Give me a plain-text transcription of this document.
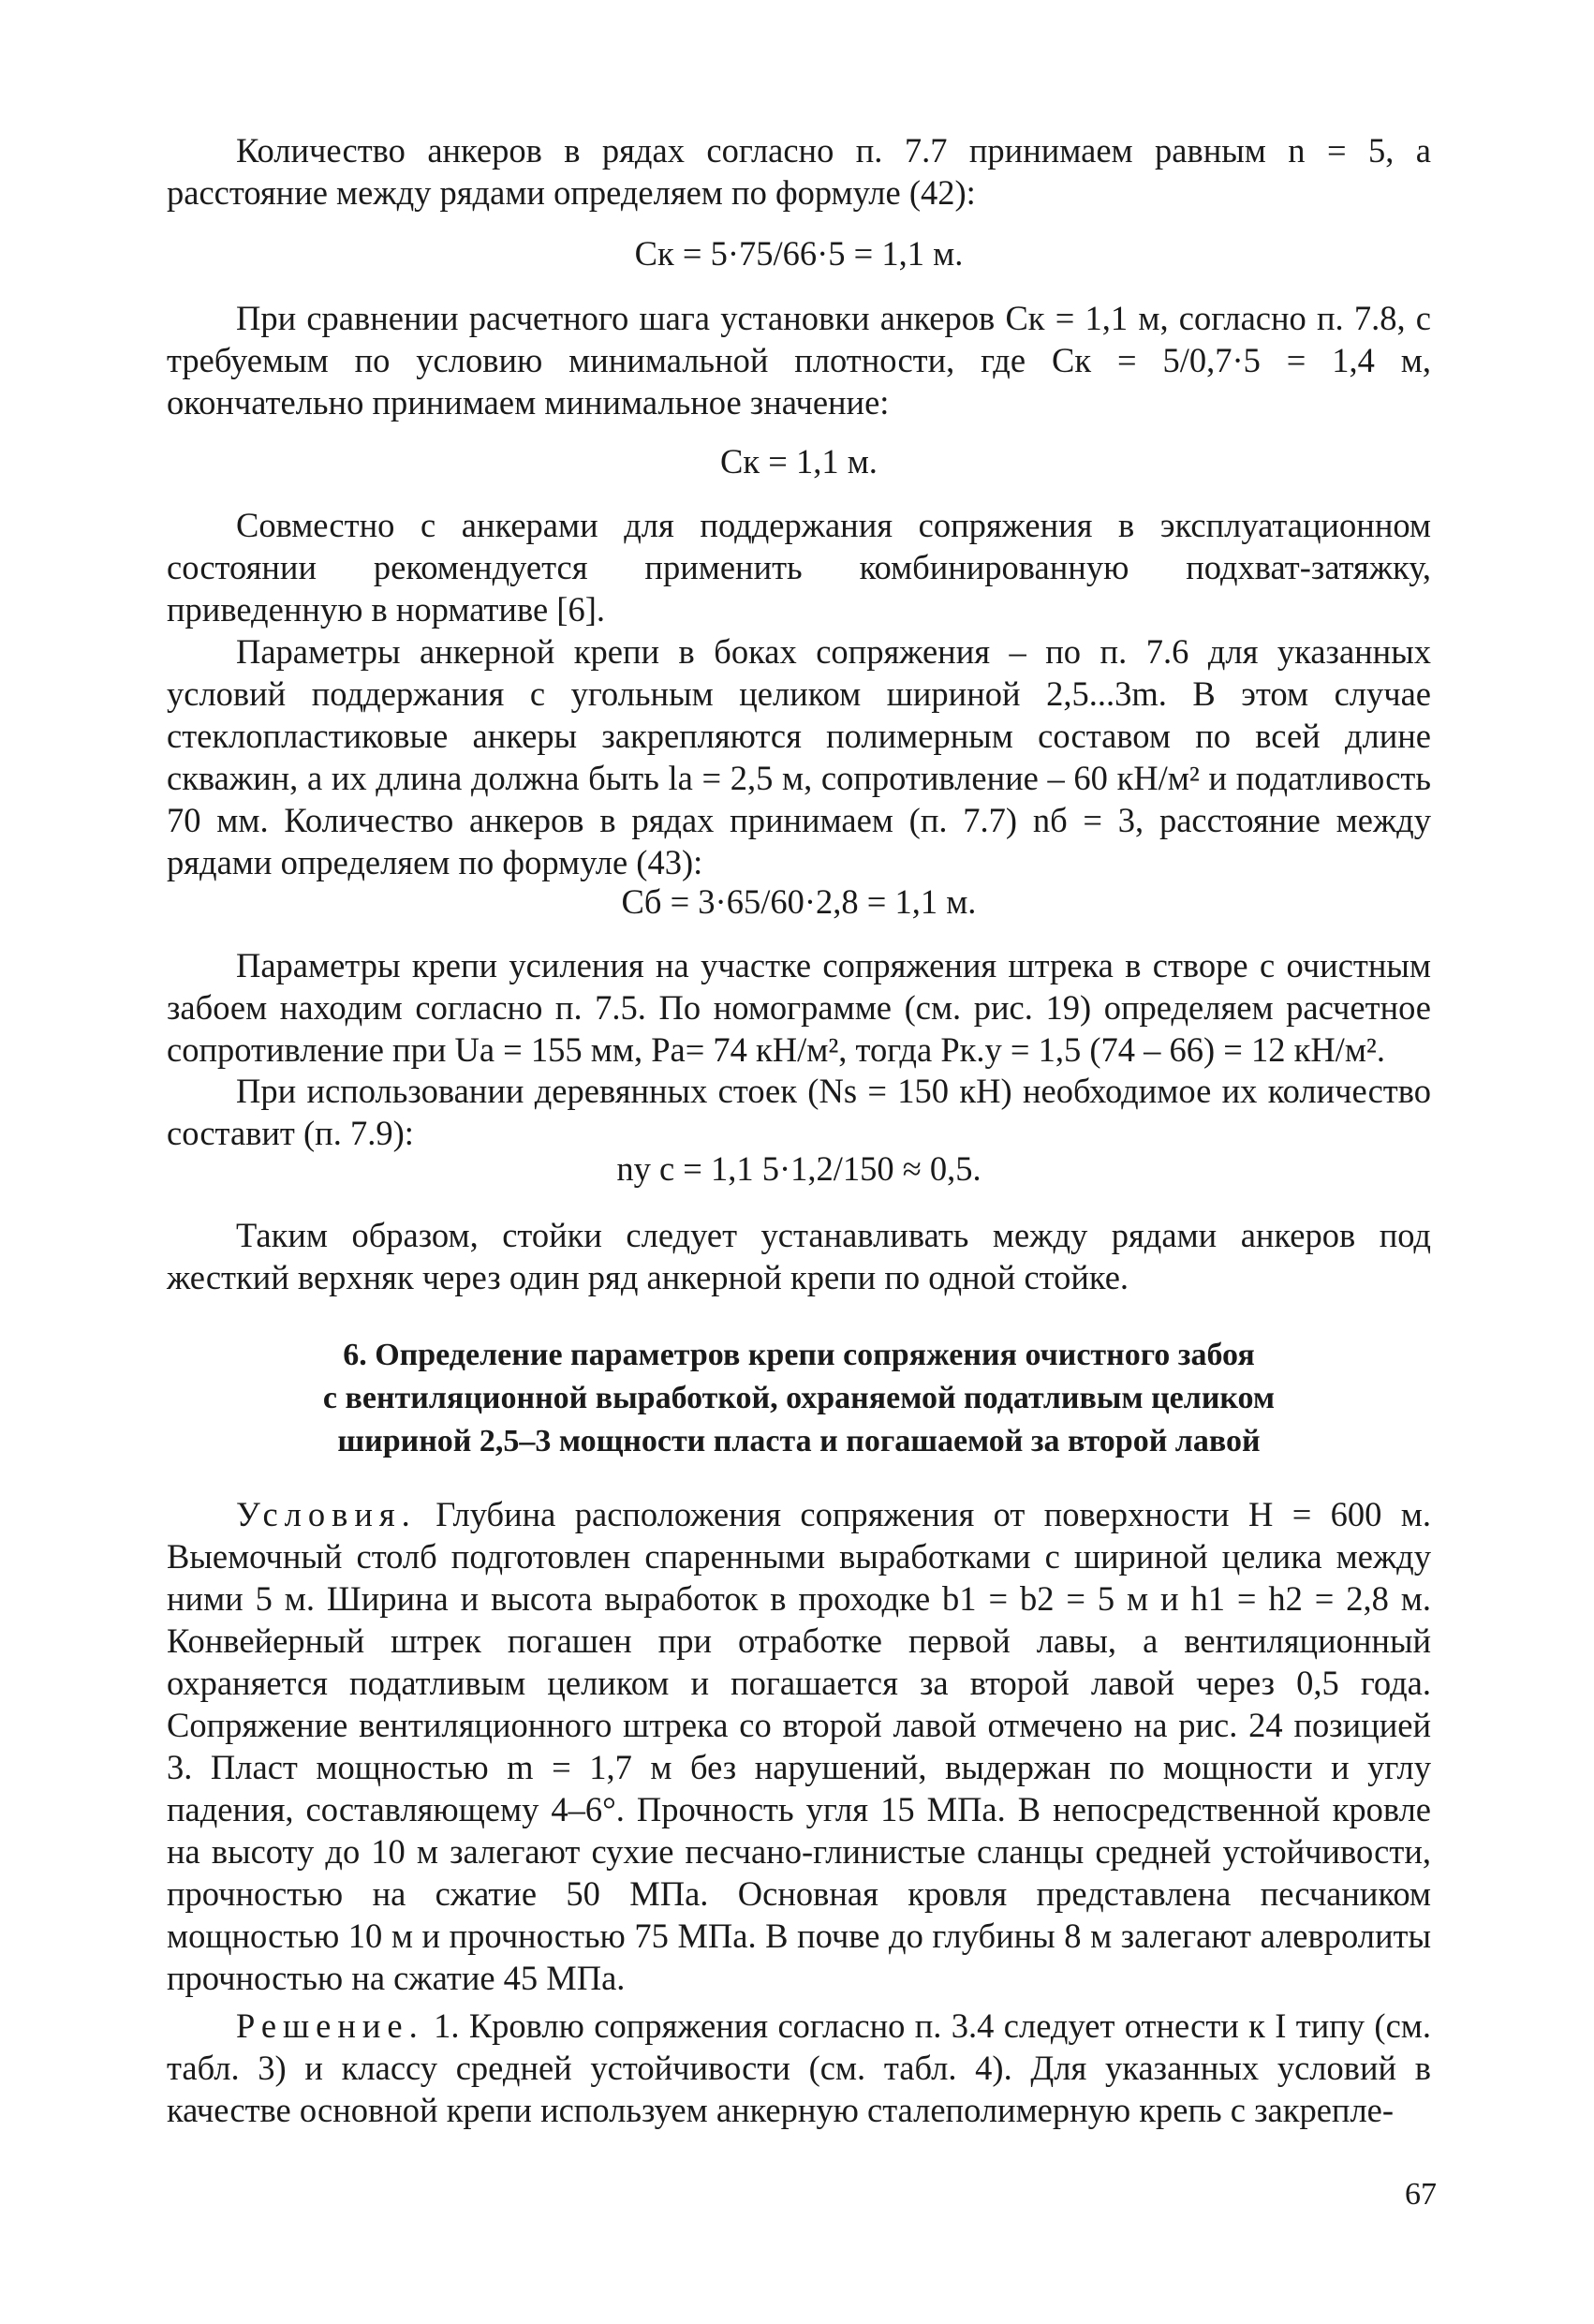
Количество анкеров в рядах согласно п. 7.7 принимаем равным n = 5, а расстояние между рядами определяем по формуле (42):

Cк = 5·75/66·5 = 1,1 м.

При сравнении расчетного шага установки анкеров Cк = 1,1 м, согласно п. 7.8, с требуемым по условию минимальной плотности, где Cк = 5/0,7·5 = 1,4 м, окончательно принимаем минимальное значение:

Cк = 1,1 м.

Совместно с анкерами для поддержания сопряжения в эксплуатационном состоянии рекомендуется применить комбинированную подхват-затяжку, приведенную в нормативе [6].

Параметры анкерной крепи в боках сопряжения – по п. 7.6 для указанных условий поддержания с угольным целиком шириной 2,5...3m. В этом случае стеклопластиковые анкеры закрепляются полимерным составом по всей длине скважин, а их длина должна быть lа = 2,5 м, сопротивление – 60 кН/м² и податливость 70 мм. Количество анкеров в рядах принимаем (п. 7.7) nб = 3, расстояние между рядами определяем по формуле (43):

Cб = 3·65/60·2,8 = 1,1 м.

Параметры крепи усиления на участке сопряжения штрека в створе с очистным забоем находим согласно п. 7.5. По номограмме (см. рис. 19) определяем расчетное сопротивление при Uа = 155 мм, Pа= 74 кН/м², тогда Pк.у = 1,5 (74 – 66) = 12 кН/м².

При использовании деревянных стоек (Ns = 150 кН) необходимое их количество составит (п. 7.9):

nу с = 1,1 5·1,2/150 ≈ 0,5.

Таким образом, стойки следует устанавливать между рядами анкеров под жесткий верхняк через один ряд анкерной крепи по одной стойке.

6. Определение параметров крепи сопряжения очистного забоя
с вентиляционной выработкой, охраняемой податливым целиком
шириной 2,5–3 мощности пласта и погашаемой за второй лавой

Условия. Глубина расположения сопряжения от поверхности H = 600 м. Выемочный столб подготовлен спаренными выработками с шириной целика между ними 5 м. Ширина и высота выработок в проходке b1 = b2 = 5 м и h1 = h2 = 2,8 м. Конвейерный штрек погашен при отработке первой лавы, а вентиляционный охраняется податливым целиком и погашается за второй лавой через 0,5 года. Сопряжение вентиляционного штрека со второй лавой отмечено на рис. 24 позицией 3. Пласт мощностью m = 1,7 м без нарушений, выдержан по мощности и углу падения, составляющему 4–6°. Прочность угля 15 МПа. В непосредственной кровле на высоту до 10 м залегают сухие песчано-глинистые сланцы средней устойчивости, прочностью на сжатие 50 МПа. Основная кровля представлена песчаником мощностью 10 м и прочностью 75 МПа. В почве до глубины 8 м залегают алевролиты прочностью на сжатие 45 МПа.

Решение. 1. Кровлю сопряжения согласно п. 3.4 следует отнести к I типу (см. табл. 3) и классу средней устойчивости (см. табл. 4). Для указанных условий в качестве основной крепи используем анкерную сталеполимерную крепь с закрепле-

67
